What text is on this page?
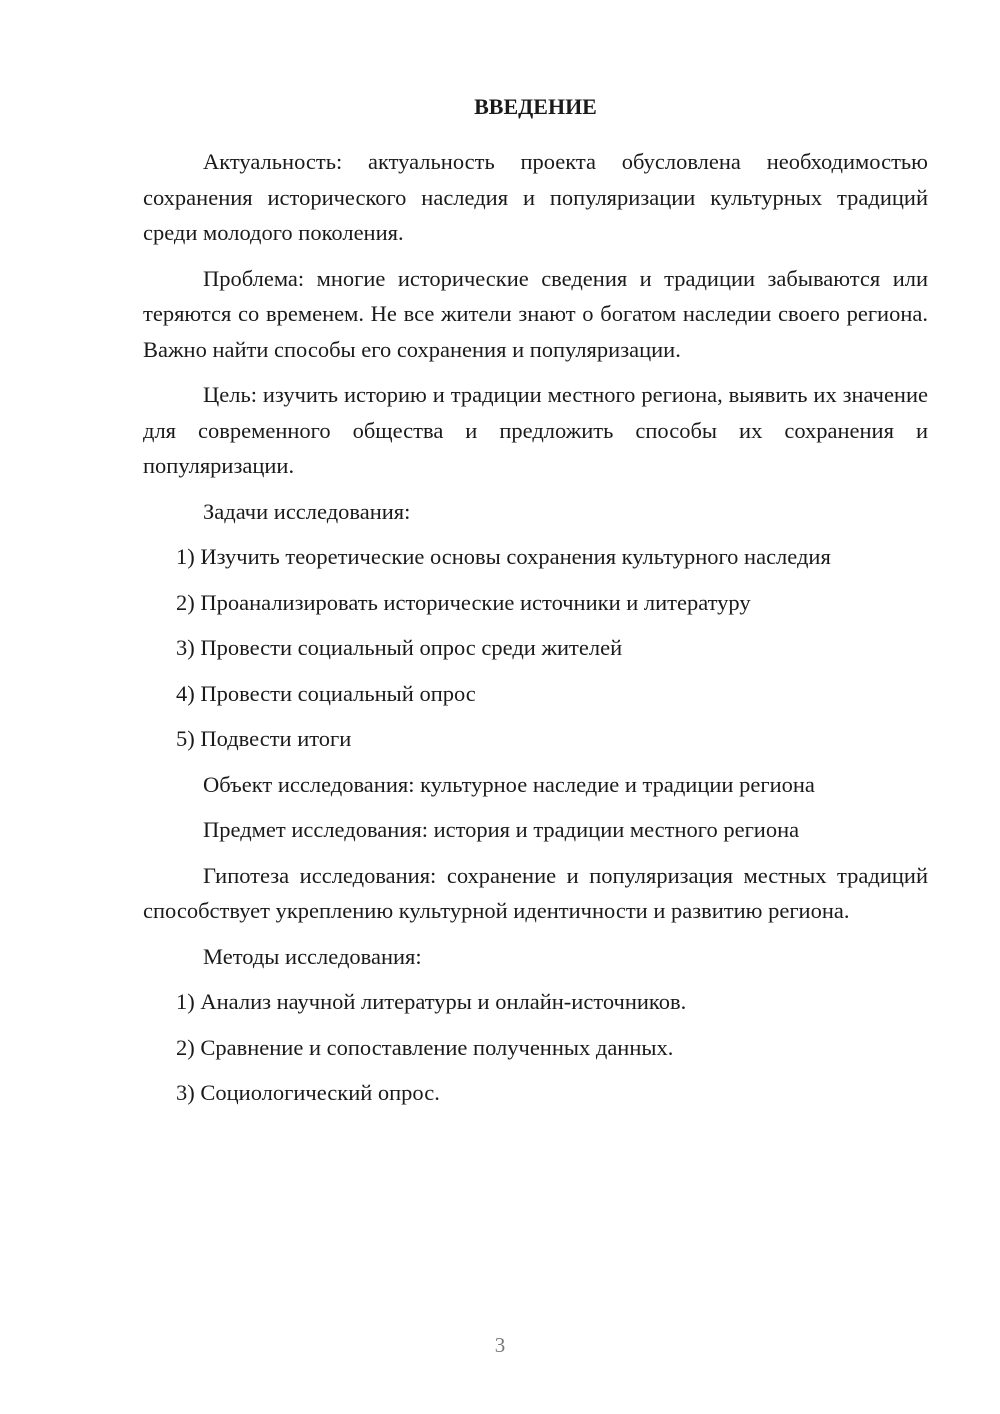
ВВЕДЕНИЕ

Актуальность: актуальность проекта обусловлена необходимостью сохранения исторического наследия и популяризации культурных традиций среди молодого поколения.

Проблема: многие исторические сведения и традиции забываются или теряются со временем. Не все жители знают о богатом наследии своего региона. Важно найти способы его сохранения и популяризации.

Цель: изучить историю и традиции местного региона, выявить их значение для современного общества и предложить способы их сохранения и популяризации.

Задачи исследования:
1) Изучить теоретические основы сохранения культурного наследия
2) Проанализировать исторические источники и литературу
3) Провести социальный опрос среди жителей
4) Провести социальный опрос
5) Подвести итоги
Объект исследования: культурное наследие и традиции региона
Предмет исследования: история и традиции местного региона

Гипотеза исследования: сохранение и популяризация местных традиций способствует укреплению культурной идентичности и развитию региона.

Методы исследования:
1) Анализ научной литературы и онлайн-источников.
2) Сравнение и сопоставление полученных данных.
3) Социологический опрос.
3
